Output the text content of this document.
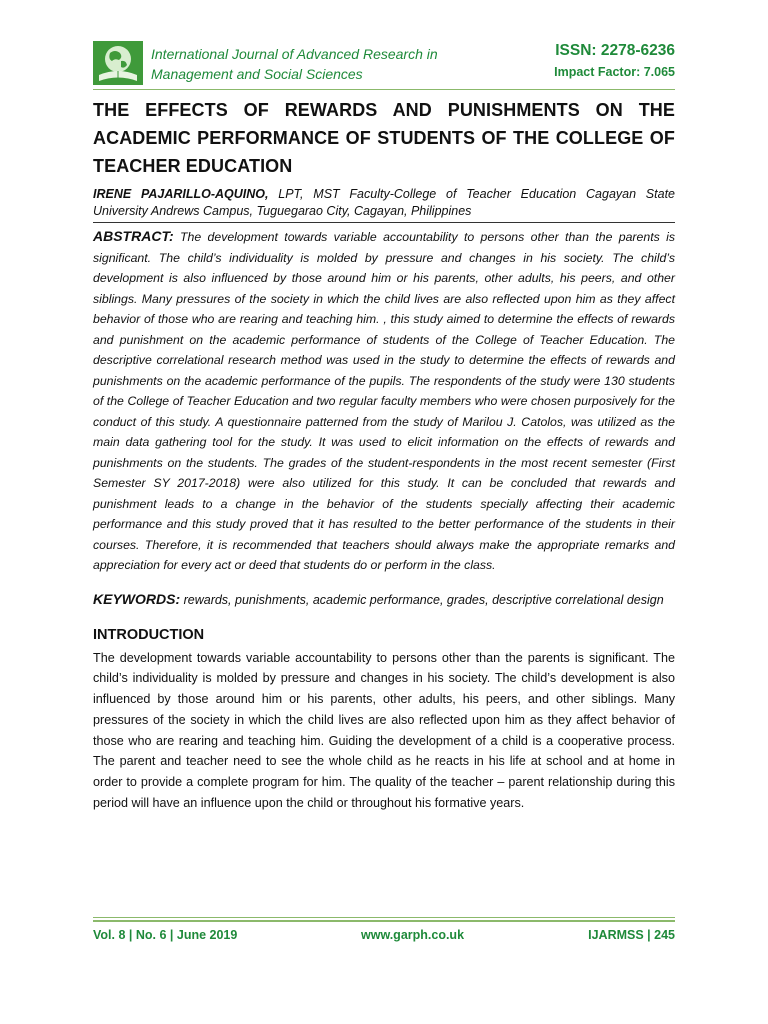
International Journal of Advanced Research in
Management and Social Sciences
ISSN: 2278-6236
Impact Factor: 7.065
THE EFFECTS OF REWARDS AND PUNISHMENTS ON THE ACADEMIC PERFORMANCE OF STUDENTS OF THE COLLEGE OF TEACHER EDUCATION
IRENE PAJARILLO-AQUINO, LPT, MST Faculty-College of Teacher Education Cagayan State University Andrews Campus, Tuguegarao City, Cagayan, Philippines
ABSTRACT: The development towards variable accountability to persons other than the parents is significant. The child’s individuality is molded by pressure and changes in his society. The child’s development is also influenced by those around him or his parents, other adults, his peers, and other siblings. Many pressures of the society in which the child lives are also reflected upon him as they affect behavior of those who are rearing and teaching him. , this study aimed to determine the effects of rewards and punishment on the academic performance of students of the College of Teacher Education. The descriptive correlational research method was used in the study to determine the effects of rewards and punishments on the academic performance of the pupils. The respondents of the study were 130 students of the College of Teacher Education and two regular faculty members who were chosen purposively for the conduct of this study. A questionnaire patterned from the study of Marilou J. Catolos, was utilized as the main data gathering tool for the study. It was used to elicit information on the effects of rewards and punishments on the students. The grades of the student-respondents in the most recent semester (First Semester SY 2017-2018) were also utilized for this study. It can be concluded that rewards and punishment leads to a change in the behavior of the students specially affecting their academic performance and this study proved that it has resulted to the better performance of the students in their courses. Therefore, it is recommended that teachers should always make the appropriate remarks and appreciation for every act or deed that students do or perform in the class.
KEYWORDS: rewards, punishments, academic performance, grades, descriptive correlational design
INTRODUCTION
The development towards variable accountability to persons other than the parents is significant. The child’s individuality is molded by pressure and changes in his society. The child’s development is also influenced by those around him or his parents, other adults, his peers, and other siblings. Many pressures of the society in which the child lives are also reflected upon him as they affect behavior of those who are rearing and teaching him. Guiding the development of a child is a cooperative process. The parent and teacher need to see the whole child as he reacts in his life at school and at home in order to provide a complete program for him. The quality of the teacher – parent relationship during this period will have an influence upon the child or throughout his formative years.
Vol. 8 | No. 6 | June 2019	www.garph.co.uk	IJARMSS | 245
